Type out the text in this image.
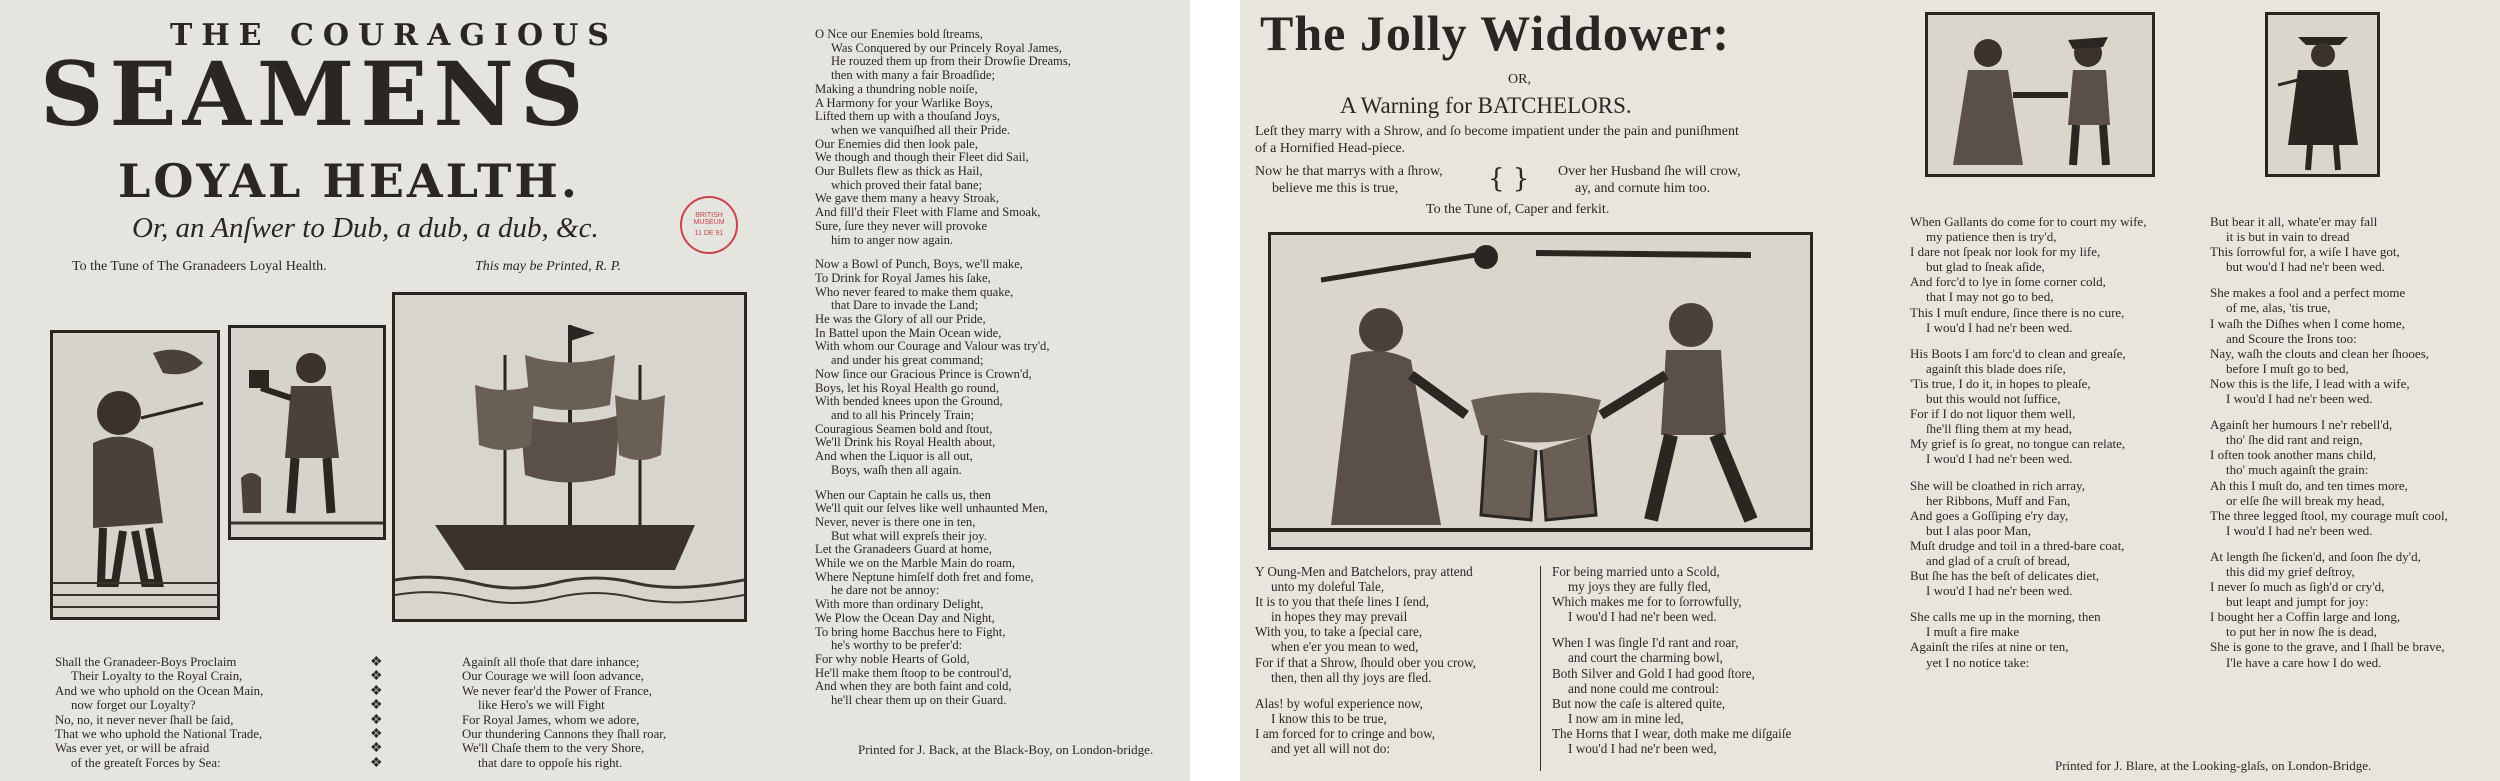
THE COURAGIOUS
SEAMENS
LOYAL HEALTH.
Or, an Anſwer to Dub, a dub, a dub, &c.
To the Tune of The Granadeers Loyal Health.	This may be Printed, R. P.
BRITISH MUSEUM
11 DE 91
O Nce our Enemies bold ſtreams,
Was Conquered by our Princely Royal James,
He rouzed them up from their Drowſie Dreams,
then with many a fair Broadſide;
Making a thundring noble noiſe,
A Harmony for your Warlike Boys,
Lifted them up with a thouſand Joys,
when we vanquiſhed all their Pride.
Our Enemies did then look pale,
We though and though their Fleet did Sail,
Our Bullets flew as thick as Hail,
which proved their fatal bane;
We gave them many a heavy Stroak,
And fill'd their Fleet with Flame and Smoak,
Sure, ſure they never will provoke
him to anger now again.
Now a Bowl of Punch, Boys, we'll make,
To Drink for Royal James his ſake,
Who never feared to make them quake,
that Dare to invade the Land;
He was the Glory of all our Pride,
In Battel upon the Main Ocean wide,
With whom our Courage and Valour was try'd,
and under his great command;
Now ſince our Gracious Prince is Crown'd,
Boys, let his Royal Health go round,
With bended knees upon the Ground,
and to all his Princely Train;
Couragious Seamen bold and ſtout,
We'll Drink his Royal Health about,
And when the Liquor is all out,
Boys, waſh then all again.
When our Captain he calls us, then
We'll quit our ſelves like well unhaunted Men,
Never, never is there one in ten,
But what will expreſs their joy.
Let the Granadeers Guard at home,
While we on the Marble Main do roam,
Where Neptune himſelf doth fret and fome,
he dare not be annoy:
With more than ordinary Delight,
We Plow the Ocean Day and Night,
To bring home Bacchus here to Fight,
he's worthy to be prefer'd:
For why noble Hearts of Gold,
He'll make them ſtoop to be controul'd,
And when they are both faint and cold,
he'll chear them up on their Guard.
Printed for J. Back, at the Black-Boy, on London-bridge.
Shall the Granadeer-Boys Proclaim
Their Loyalty to the Royal Crain,
And we who uphold on the Ocean Main,
now forget our Loyalty?
No, no, it never never ſhall be ſaid,
That we who uphold the National Trade,
Was ever yet, or will be afraid
of the greateſt Forces by Sea:
❖
❖
❖
❖
❖
❖
❖
❖
Againſt all thoſe that dare inhance;
Our Courage we will ſoon advance,
We never fear'd the Power of France,
like Hero's we will Fight
For Royal James, whom we adore,
Our thundering Cannons they ſhall roar,
We'll Chaſe them to the very Shore,
that dare to oppoſe his right.
The Jolly Widdower:
OR,
A Warning for BATCHELORS.
Leſt they marry with a Shrow, and ſo become impatient under the pain and puniſhment
of a Hornified Head-piece.
Now he that marrys with a ſhrow,
believe me this is true,	{ } Over her Husband ſhe will crow,
ay, and cornute him too.
To the Tune of, Caper and ferkit.
Y Oung-Men and Batchelors, pray attend
unto my doleful Tale,
It is to you that theſe lines I ſend,
in hopes they may prevail
With you, to take a ſpecial care,
when e'er you mean to wed,
For if that a Shrow, ſhould ober you crow,
then, then all thy joys are fled.
Alas! by woful experience now,
I know this to be true,
I am forced for to cringe and bow,
and yet all will not do:
For being married unto a Scold,
my joys they are fully fled,
Which makes me for to ſorrowfully,
I wou'd I had ne'r been wed.
When I was ſingle I'd rant and roar,
and court the charming bowl,
Both Silver and Gold I had good ſtore,
and none could me controul:
But now the caſe is altered quite,
I now am in mine led,
The Horns that I wear, doth make me diſgaiſe
I wou'd I had ne'r been wed,
When Gallants do come for to court my wife,
my patience then is try'd,
I dare not ſpeak nor look for my life,
but glad to ſneak aſide,
And forc'd to lye in ſome corner cold,
that I may not go to bed,
This I muſt endure, ſince there is no cure,
I wou'd I had ne'r been wed.
His Boots I am forc'd to clean and greaſe,
againſt this blade does riſe,
'Tis true, I do it, in hopes to pleaſe,
but this would not ſuffice,
For if I do not liquor them well,
ſhe'll fling them at my head,
My grief is ſo great, no tongue can relate,
I wou'd I had ne'r been wed.
She will be cloathed in rich array,
her Ribbons, Muff and Fan,
And goes a Goſſiping e'ry day,
but I alas poor Man,
Muſt drudge and toil in a thred-bare coat,
and glad of a cruſt of bread,
But ſhe has the beſt of delicates diet,
I wou'd I had ne'r been wed.
She calls me up in the morning, then
I muſt a fire make
Againſt the riſes at nine or ten,
yet I no notice take:
But bear it all, whate'er may fall
it is but in vain to dread
This ſorrowful for, a wiſe I have got,
but wou'd I had ne'r been wed.
She makes a fool and a perfect mome
of me, alas, 'tis true,
I waſh the Diſhes when I come home,
and Scoure the Irons too:
Nay, waſh the clouts and clean her ſhooes,
before I muſt go to bed,
Now this is the life, I lead with a wife,
I wou'd I had ne'r been wed.
Againſt her humours I ne'r rebell'd,
tho' ſhe did rant and reign,
I often took another mans child,
tho' much againſt the grain:
Ah this I muſt do, and ten times more,
or elſe ſhe will break my head,
The three legged ſtool, my courage muſt cool,
I wou'd I had ne'r been wed.
At length ſhe ſicken'd, and ſoon ſhe dy'd,
this did my grief deſtroy,
I never ſo much as ſigh'd or cry'd,
but leapt and jumpt for joy:
I bought her a Coffin large and long,
to put her in now ſhe is dead,
She is gone to the grave, and I ſhall be brave,
I'le have a care how I do wed.
Printed for J. Blare, at the Looking-glaſs, on London-Bridge.
